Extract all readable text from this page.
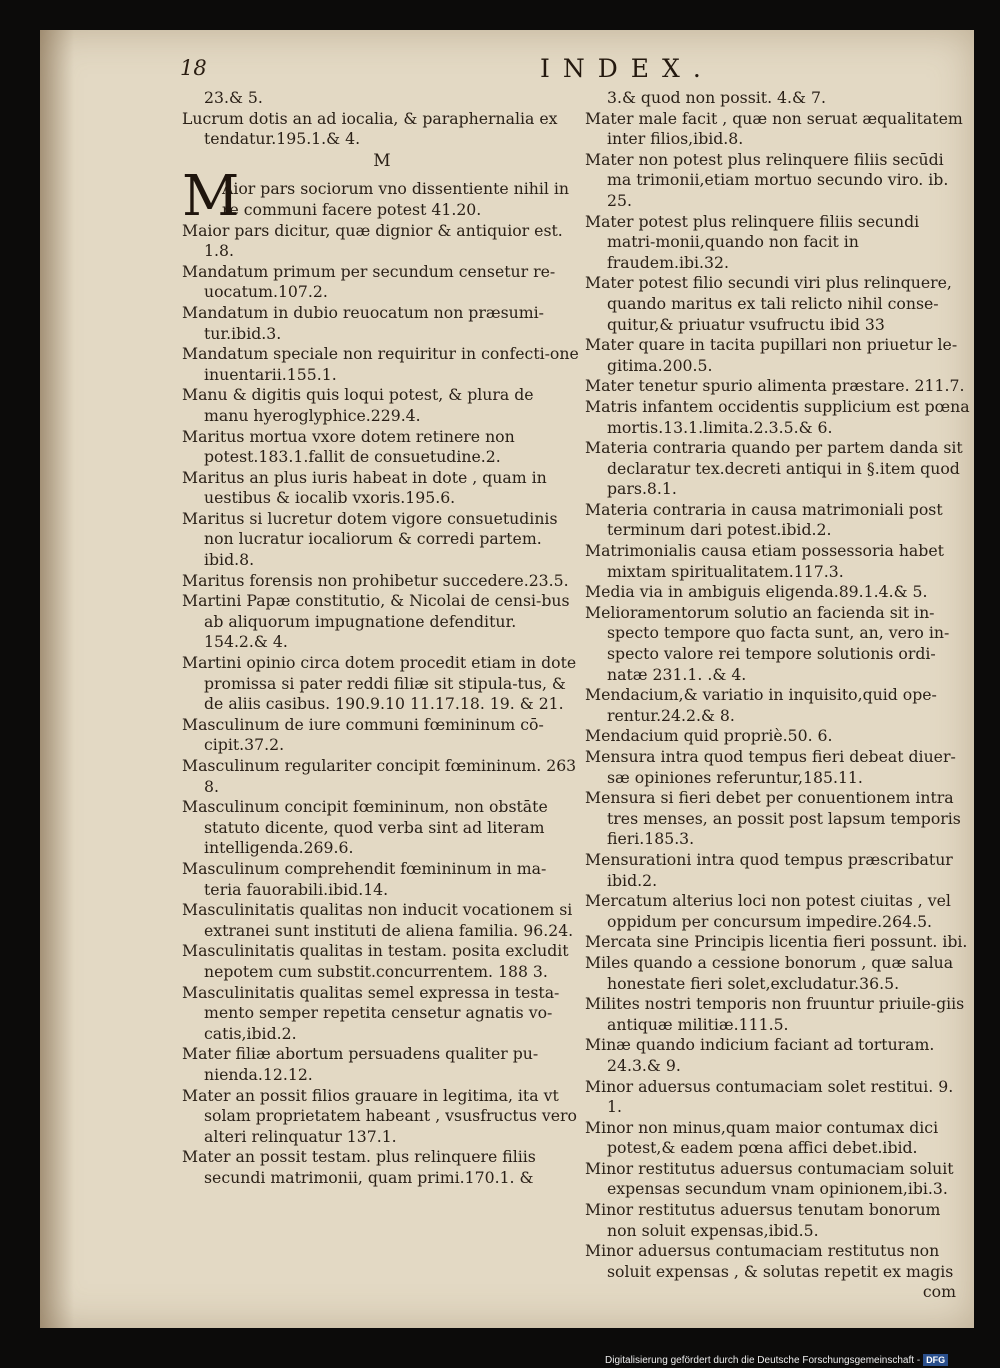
18	INDEX.
23.& 5.
Lucrum dotis an ad iocalia, & paraphernalia ex tendatur.195.1.& 4.
M
M
Aior pars sociorum vno dissentiente nihil in re communi facere potest 41.20.
Maior pars dicitur, quæ dignior & antiquior est. 1.8.
Mandatum primum per secundum censetur re-uocatum.107.2.
Mandatum in dubio reuocatum non præsumi-tur.ibid.3.
Mandatum speciale non requiritur in confecti-one inuentarii.155.1.
Manu & digitis quis loqui potest, & plura de manu hyeroglyphice.229.4.
Maritus mortua vxore dotem retinere non potest.183.1.fallit de consuetudine.2.
Maritus an plus iuris habeat in dote , quam in uestibus & iocalib vxoris.195.6.
Maritus si lucretur dotem vigore consuetudinis non lucratur iocaliorum & corredi partem. ibid.8.
Maritus forensis non prohibetur succedere.23.5.
Martini Papæ constitutio, & Nicolai de censi-bus ab aliquorum impugnatione defenditur. 154.2.& 4.
Martini opinio circa dotem procedit etiam in dote promissa si pater reddi filiæ sit stipula-tus, & de aliis casibus. 190.9.10 11.17.18. 19. & 21.
Masculinum de iure communi fœmininum cō-cipit.37.2.
Masculinum regulariter concipit fœmininum. 263 8.
Masculinum concipit fœmininum, non obstāte statuto dicente, quod verba sint ad literam intelligenda.269.6.
Masculinum comprehendit fœmininum in ma-teria fauorabili.ibid.14.
Masculinitatis qualitas non inducit vocationem si extranei sunt instituti de aliena familia. 96.24.
Masculinitatis qualitas in testam. posita excludit nepotem cum substit.concurrentem. 188 3.
Masculinitatis qualitas semel expressa in testa-mento semper repetita censetur agnatis vo-catis,ibid.2.
Mater filiæ abortum persuadens qualiter pu-nienda.12.12.
Mater an possit filios grauare in legitima, ita vt solam proprietatem habeant , vsusfructus vero alteri relinquatur 137.1.
Mater an possit testam. plus relinquere filiis secundi matrimonii, quam primi.170.1. &
3.& quod non possit. 4.& 7.
Mater male facit , quæ non seruat æqualitatem inter filios,ibid.8.
Mater non potest plus relinquere filiis secūdi ma trimonii,etiam mortuo secundo viro. ib. 25.
Mater potest plus relinquere filiis secundi matri-monii,quando non facit in fraudem.ibi.32.
Mater potest filio secundi viri plus relinquere, quando maritus ex tali relicto nihil conse-quitur,& priuatur vsufructu ibid 33
Mater quare in tacita pupillari non priuetur le-gitima.200.5.
Mater tenetur spurio alimenta præstare. 211.7.
Matris infantem occidentis supplicium est pœna mortis.13.1.limita.2.3.5.& 6.
Materia contraria quando per partem danda sit declaratur tex.decreti antiqui in §.item quod pars.8.1.
Materia contraria in causa matrimoniali post terminum dari potest.ibid.2.
Matrimonialis causa etiam possessoria habet mixtam spiritualitatem.117.3.
Media via in ambiguis eligenda.89.1.4.& 5.
Melioramentorum solutio an facienda sit in-specto tempore quo facta sunt, an, vero in-specto valore rei tempore solutionis ordi-natæ 231.1. .& 4.
Mendacium,& variatio in inquisito,quid ope-rentur.24.2.& 8.
Mendacium quid propriè.50. 6.
Mensura intra quod tempus fieri debeat diuer-sæ opiniones referuntur,185.11.
Mensura si fieri debet per conuentionem intra tres menses, an possit post lapsum temporis fieri.185.3.
Mensurationi intra quod tempus præscribatur ibid.2.
Mercatum alterius loci non potest ciuitas , vel oppidum per concursum impedire.264.5.
Mercata sine Principis licentia fieri possunt. ibi.
Miles quando a cessione bonorum , quæ salua honestate fieri solet,excludatur.36.5.
Milites nostri temporis non fruuntur priuile-giis antiquæ militiæ.111.5.
Minæ quando indicium faciant ad torturam. 24.3.& 9.
Minor aduersus contumaciam solet restitui. 9. 1.
Minor non minus,quam maior contumax dici potest,& eadem pœna affici debet.ibid.
Minor restitutus aduersus contumaciam soluit expensas secundum vnam opinionem,ibi.3.
Minor restitutus aduersus tenutam bonorum non soluit expensas,ibid.5.
Minor aduersus contumaciam restitutus non soluit expensas , & solutas repetit ex magis
com
Digitalisierung gefördert durch die Deutsche Forschungsgemeinschaft - DFG
